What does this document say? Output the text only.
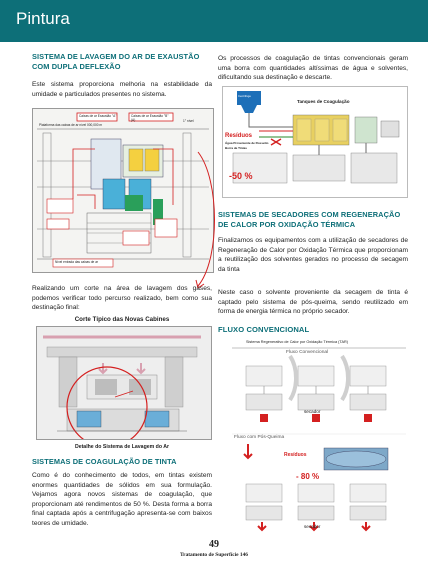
Pintura
SISTEMA DE LAVAGEM DO AR DE EXAUSTÃO COM DUPLA DEFLEXÃO
Este sistema proporciona melhoria na estabilidade da umidade e particulados presentes no sistema.
Caixas de ar Exaustão "A"	Caixas de ar Exaustão "B" (A)
Plataforma das caixas de ar nível 000,000 m
1° nível
Nível entrada das caixas de ar
Realizando um corte na área de lavagem dos gases, podemos verificar todo percurso realizado, bem como sua destinação final:
Corte Típico das Novas Cabines
Detalhe do Sistema de Lavagem do Ar
SISTEMAS DE COAGULAÇÃO DE TINTA
Como é do conhecimento de todos, em tintas existem enormes quantidades de sólidos em sua formulação. Vejamos agora novos sistemas de coagulação, que proporcionam até rendimentos de 50 %. Desta forma a borra final captada após a centrifugação apresenta-se com baixos teores de umidade.
Os processos de coagulação de tintas convencionais geram uma borra com quantidades altíssimas de água e solventes, dificultando sua destinação e descarte.
Tanques de Coagulação
Centrifuge
Resíduos
Água Proveniente de Rossetto
Borra de Tintas
-50 %
SISTEMAS DE SECADORES COM REGENERAÇÃO DE CALOR POR OXIDAÇÃO TÉRMICA
Finalizamos os equipamentos com a utilização de secadores de Regeneração de Calor por Oxidação Térmica que proporcionam a reutilização dos solventes gerados no processo de secagem da tinta
Neste caso o solvente proveniente da secagem de tinta é captado pelo sistema de pós-queima, sendo reutilizado em forma de energia térmica no próprio secador.
FLUXO CONVENCIONAL
Sistema Regenerativo de Calor por Oxidação Térmica (TAR)
Fluxo Convencional
secador
Fluxo com Pós-Queima
Resíduos
- 80 %
secador
49
Tratamento de Superfície 146
